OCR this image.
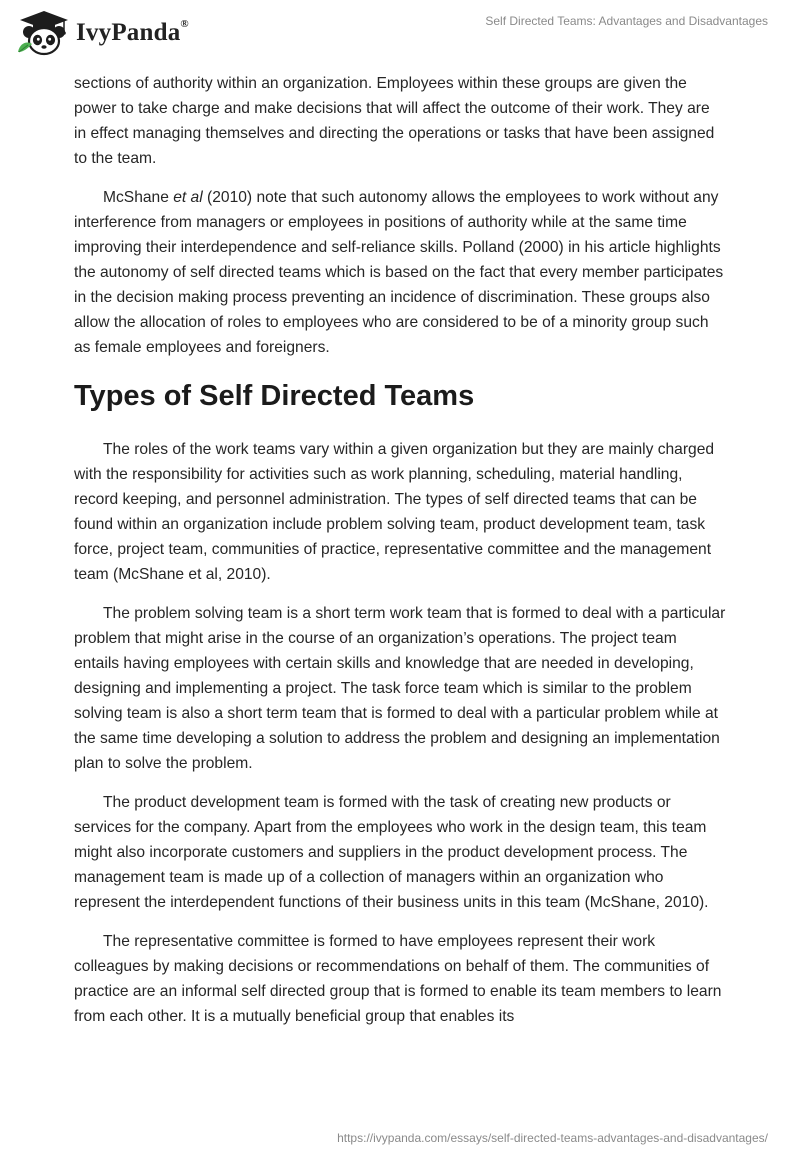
IvyPanda®	Self Directed Teams: Advantages and Disadvantages

sections of authority within an organization. Employees within these groups are given the power to take charge and make decisions that will affect the outcome of their work. They are in effect managing themselves and directing the operations or tasks that have been assigned to the team.

McShane et al (2010) note that such autonomy allows the employees to work without any interference from managers or employees in positions of authority while at the same time improving their interdependence and self-reliance skills. Polland (2000) in his article highlights the autonomy of self directed teams which is based on the fact that every member participates in the decision making process preventing an incidence of discrimination. These groups also allow the allocation of roles to employees who are considered to be of a minority group such as female employees and foreigners.

Types of Self Directed Teams

The roles of the work teams vary within a given organization but they are mainly charged with the responsibility for activities such as work planning, scheduling, material handling, record keeping, and personnel administration. The types of self directed teams that can be found within an organization include problem solving team, product development team, task force, project team, communities of practice, representative committee and the management team (McShane et al, 2010).

The problem solving team is a short term work team that is formed to deal with a particular problem that might arise in the course of an organization’s operations. The project team entails having employees with certain skills and knowledge that are needed in developing, designing and implementing a project. The task force team which is similar to the problem solving team is also a short term team that is formed to deal with a particular problem while at the same time developing a solution to address the problem and designing an implementation plan to solve the problem.

The product development team is formed with the task of creating new products or services for the company. Apart from the employees who work in the design team, this team might also incorporate customers and suppliers in the product development process. The management team is made up of a collection of managers within an organization who represent the interdependent functions of their business units in this team (McShane, 2010).

The representative committee is formed to have employees represent their work colleagues by making decisions or recommendations on behalf of them. The communities of practice are an informal self directed group that is formed to enable its team members to learn from each other. It is a mutually beneficial group that enables its

https://ivypanda.com/essays/self-directed-teams-advantages-and-disadvantages/
